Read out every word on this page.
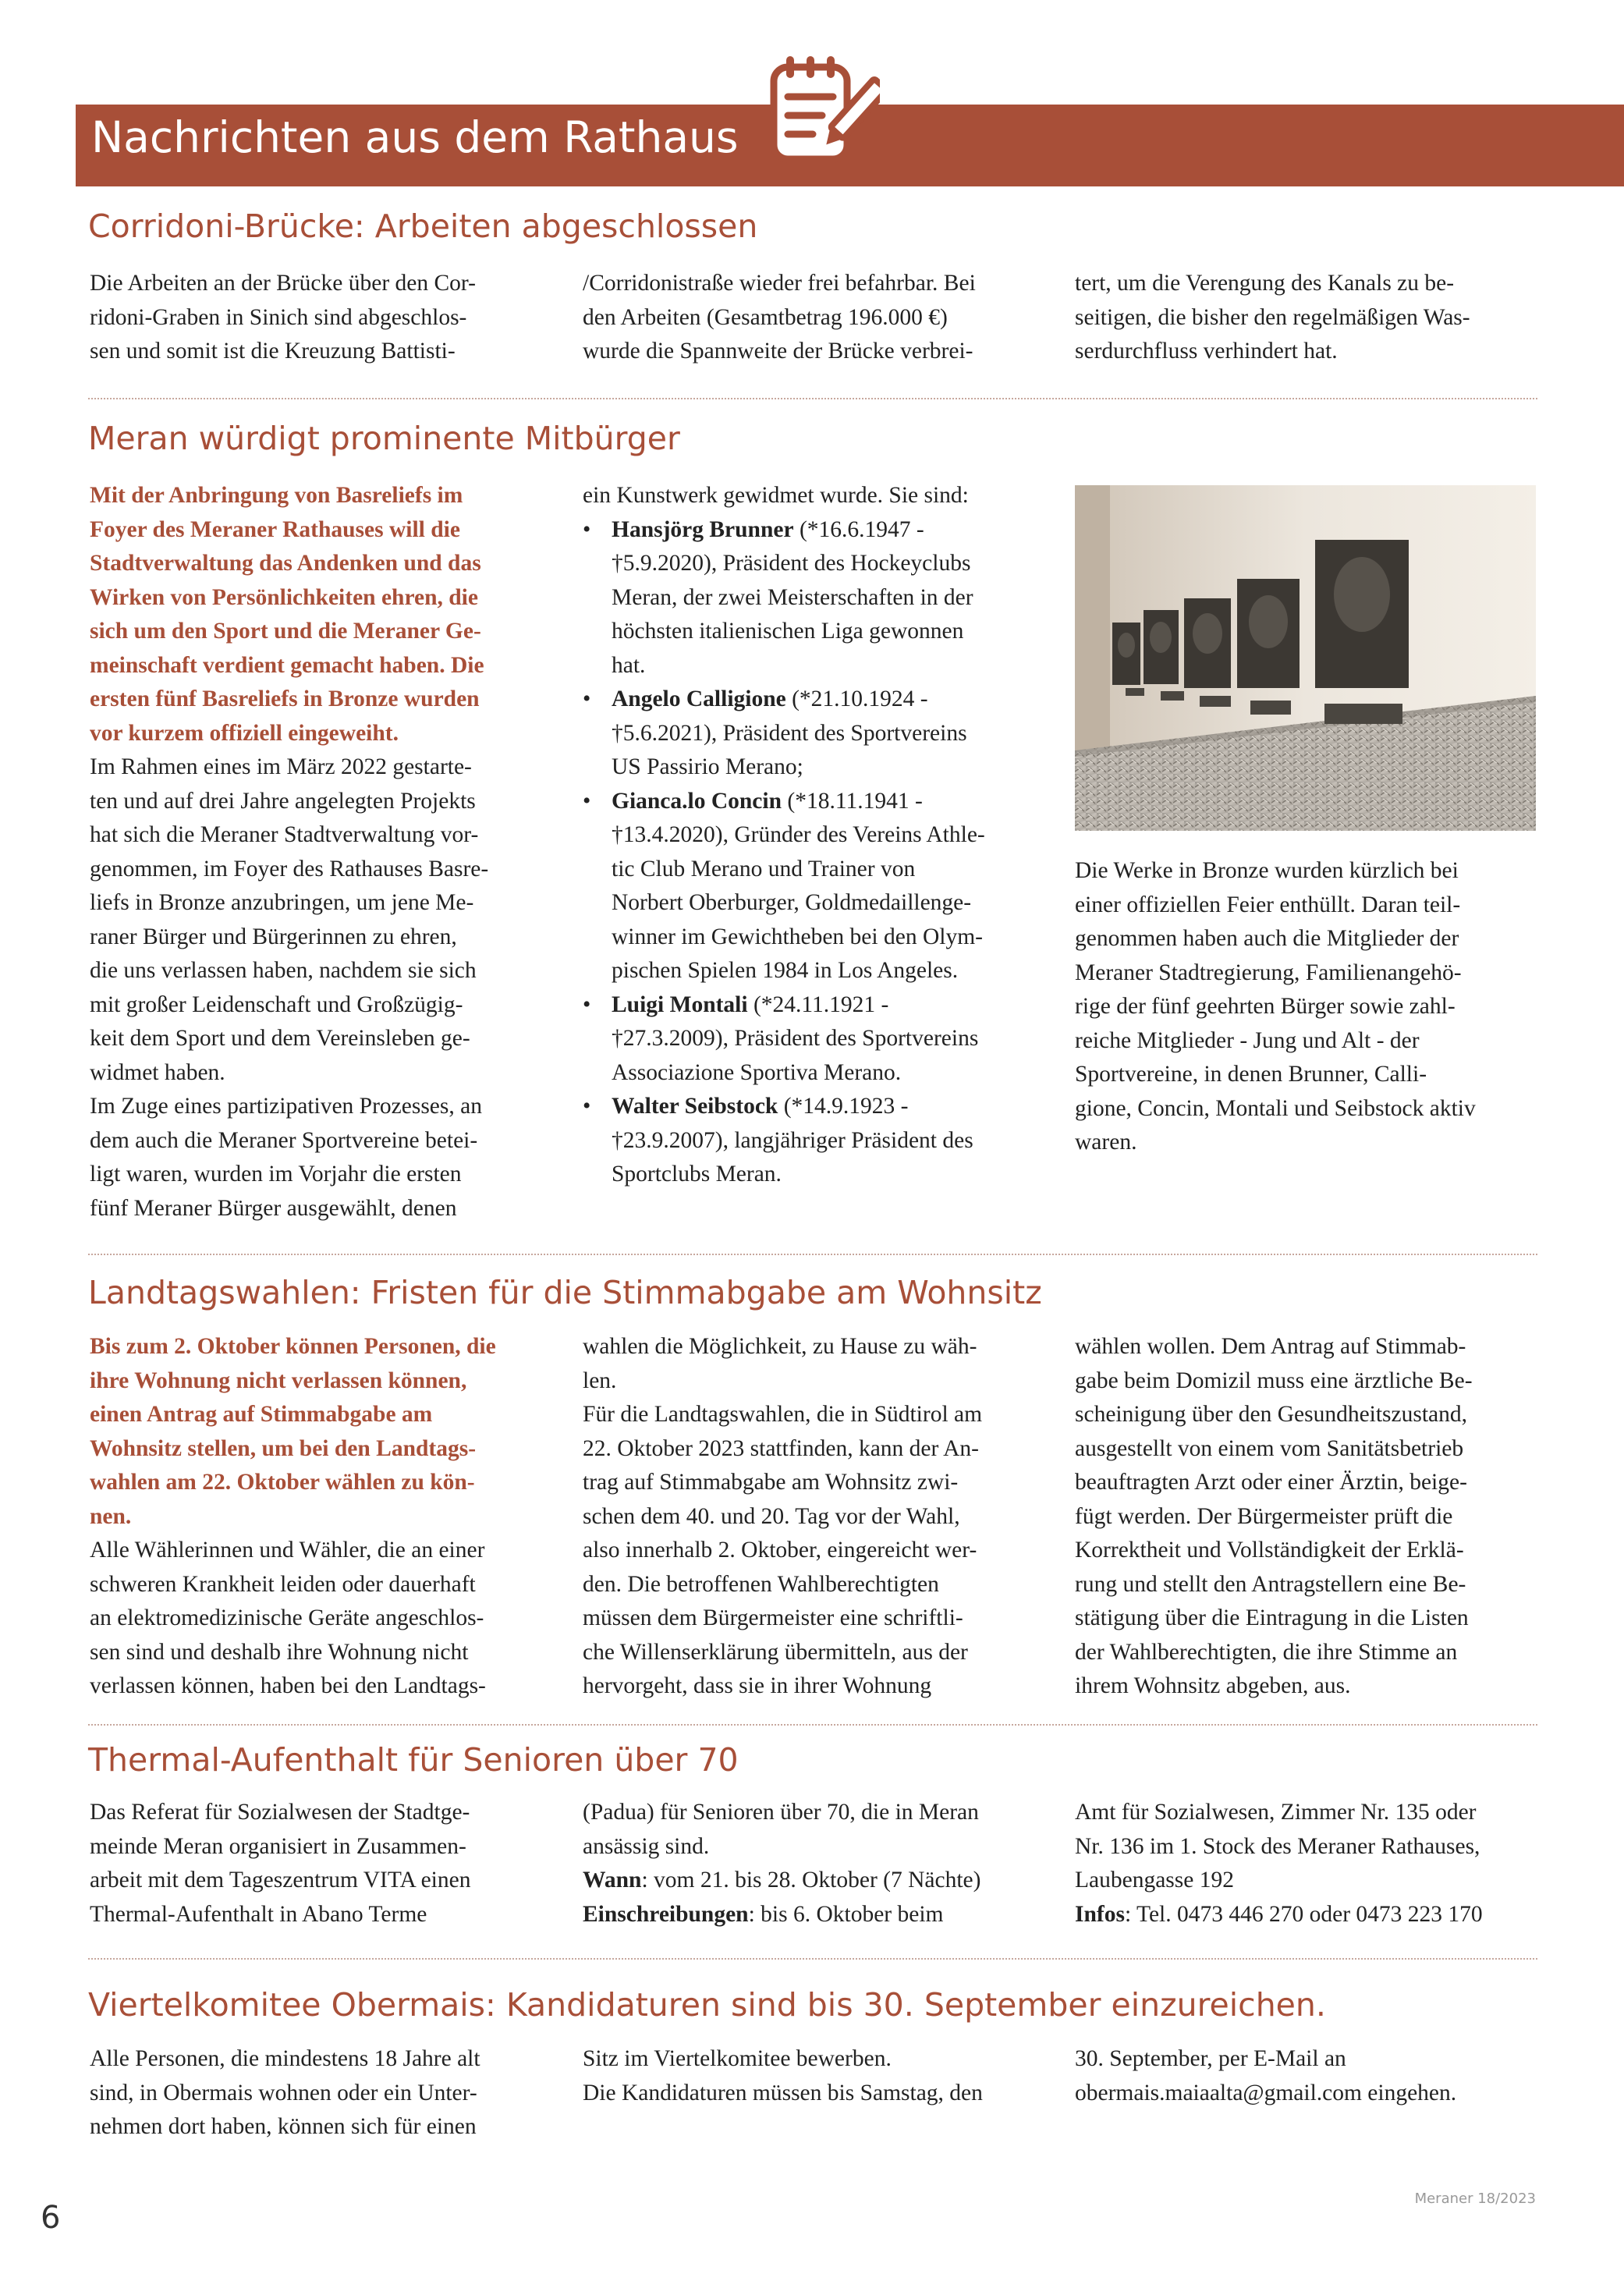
Nachrichten aus dem Rathaus
Corridoni-Brücke: Arbeiten abgeschlossen

Die Arbeiten an der Brücke über den Cor-
ridoni-Graben in Sinich sind abgeschlos-
sen und somit ist die Kreuzung Battisti-

/Corridonistraße wieder frei befahrbar. Bei
den Arbeiten (Gesamtbetrag 196.000 €)
wurde die Spannweite der Brücke verbrei-

tert, um die Verengung des Kanals zu be-
seitigen, die bisher den regelmäßigen Was-
serdurchfluss verhindert hat.

Meran würdigt prominente Mitbürger

Mit der Anbringung von Basreliefs im
Foyer des Meraner Rathauses will die
Stadtverwaltung das Andenken und das
Wirken von Persönlichkeiten ehren, die
sich um den Sport und die Meraner Ge-
meinschaft verdient gemacht haben. Die
ersten fünf Basreliefs in Bronze wurden
vor kurzem offiziell eingeweiht.

Im Rahmen eines im März 2022 gestarte-
ten und auf drei Jahre angelegten Projekts
hat sich die Meraner Stadtverwaltung vor-
genommen, im Foyer des Rathauses Basre-
liefs in Bronze anzubringen, um jene Me-
raner Bürger und Bürgerinnen zu ehren,
die uns verlassen haben, nachdem sie sich
mit großer Leidenschaft und Großzügig-
keit dem Sport und dem Vereinsleben ge-
widmet haben.

Im Zuge eines partizipativen Prozesses, an
dem auch die Meraner Sportvereine betei-
ligt waren, wurden im Vorjahr die ersten
fünf Meraner Bürger ausgewählt, denen

ein Kunstwerk gewidmet wurde. Sie sind:

• Hansjörg Brunner (*16.6.1947 -
†5.9.2020), Präsident des Hockeyclubs
Meran, der zwei Meisterschaften in der
höchsten italienischen Liga gewonnen
hat.
• Angelo Calligione (*21.10.1924 -
†5.6.2021), Präsident des Sportvereins
US Passirio Merano;
• Gianca.lo Concin (*18.11.1941 -
†13.4.2020), Gründer des Vereins Athle-
tic Club Merano und Trainer von
Norbert Oberburger, Goldmedaillenge-
winner im Gewichtheben bei den Olym-
pischen Spielen 1984 in Los Angeles.
• Luigi Montali (*24.11.1921 -
†27.3.2009), Präsident des Sportvereins
Associazione Sportiva Merano.
• Walter Seibstock (*14.9.1923 -
†23.9.2007), langjähriger Präsident des
Sportclubs Meran.

Die Werke in Bronze wurden kürzlich bei
einer offiziellen Feier enthüllt. Daran teil-
genommen haben auch die Mitglieder der
Meraner Stadtregierung, Familienangehö-
rige der fünf geehrten Bürger sowie zahl-
reiche Mitglieder - Jung und Alt - der
Sportvereine, in denen Brunner, Calli-
gione, Concin, Montali und Seibstock aktiv
waren.

Landtagswahlen: Fristen für die Stimmabgabe am Wohnsitz

Bis zum 2. Oktober können Personen, die
ihre Wohnung nicht verlassen können,
einen Antrag auf Stimmabgabe am
Wohnsitz stellen, um bei den Landtags-
wahlen am 22. Oktober wählen zu kön-
nen.

Alle Wählerinnen und Wähler, die an einer
schweren Krankheit leiden oder dauerhaft
an elektromedizinische Geräte angeschlos-
sen sind und deshalb ihre Wohnung nicht
verlassen können, haben bei den Landtags-

wahlen die Möglichkeit, zu Hause zu wäh-
len.
Für die Landtagswahlen, die in Südtirol am
22. Oktober 2023 stattfinden, kann der An-
trag auf Stimmabgabe am Wohnsitz zwi-
schen dem 40. und 20. Tag vor der Wahl,
also innerhalb 2. Oktober, eingereicht wer-
den. Die betroffenen Wahlberechtigten
müssen dem Bürgermeister eine schriftli-
che Willenserklärung übermitteln, aus der
hervorgeht, dass sie in ihrer Wohnung

wählen wollen. Dem Antrag auf Stimmab-
gabe beim Domizil muss eine ärztliche Be-
scheinigung über den Gesundheitszustand,
ausgestellt von einem vom Sanitätsbetrieb
beauftragten Arzt oder einer Ärztin, beige-
fügt werden. Der Bürgermeister prüft die
Korrektheit und Vollständigkeit der Erklä-
rung und stellt den Antragstellern eine Be-
stätigung über die Eintragung in die Listen
der Wahlberechtigten, die ihre Stimme an
ihrem Wohnsitz abgeben, aus.

Thermal-Aufenthalt für Senioren über 70

Das Referat für Sozialwesen der Stadtge-
meinde Meran organisiert in Zusammen-
arbeit mit dem Tageszentrum VITA einen
Thermal-Aufenthalt in Abano Terme

(Padua) für Senioren über 70, die in Meran
ansässig sind.

Wann: vom 21. bis 28. Oktober (7 Nächte)

Einschreibungen: bis 6. Oktober beim

Amt für Sozialwesen, Zimmer Nr. 135 oder
Nr. 136 im 1. Stock des Meraner Rathauses,
Laubengasse 192

Infos: Tel. 0473 446 270 oder 0473 223 170

Viertelkomitee Obermais: Kandidaturen sind bis 30. September einzureichen.

Alle Personen, die mindestens 18 Jahre alt
sind, in Obermais wohnen oder ein Unter-
nehmen dort haben, können sich für einen

Sitz im Viertelkomitee bewerben.
Die Kandidaturen müssen bis Samstag, den

30. September, per E-Mail an
obermais.maiaalta@gmail.com eingehen.

6
Meraner 18/2023
